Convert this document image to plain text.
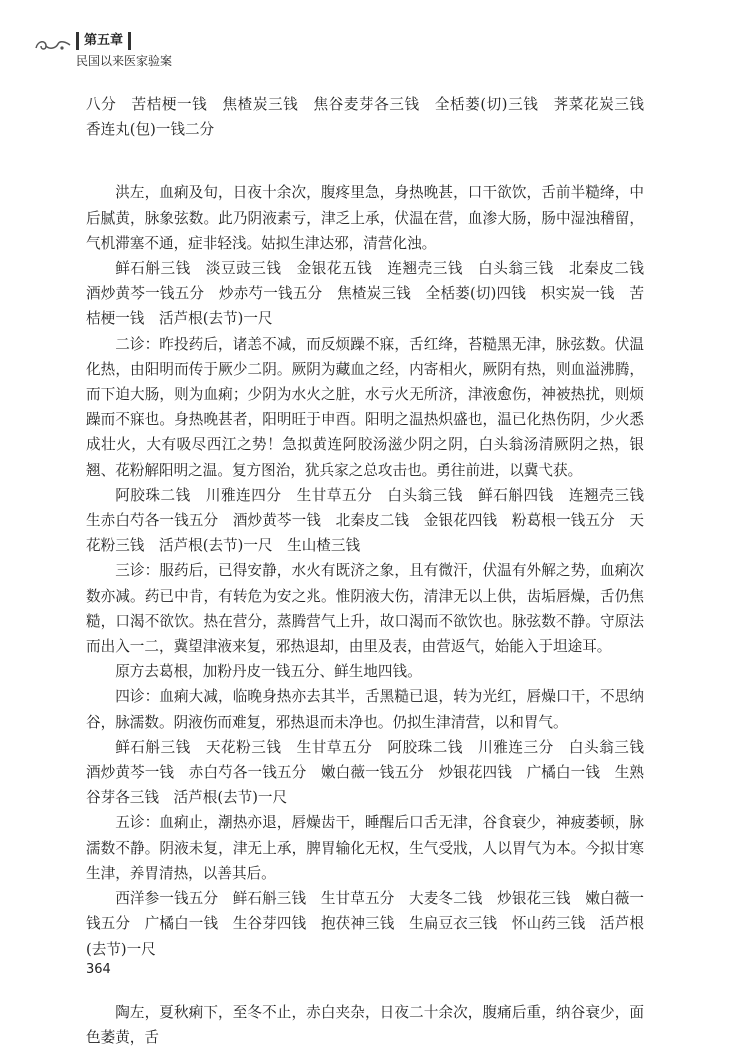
第五章
民国以来医家验案

八分　苦桔梗一钱　焦楂炭三钱　焦谷麦芽各三钱　全栝蒌(切)三钱　荠菜花炭三钱　香连丸(包)一钱二分

洪左，血痢及旬，日夜十余次，腹疼里急，身热晚甚，口干欲饮，舌前半糙绛，中后腻黄，脉象弦数。此乃阴液素亏，津乏上承，伏温在营，血渗大肠，肠中湿浊稽留，气机滞塞不通，症非轻浅。姑拟生津达邪，清营化浊。

鲜石斛三钱　淡豆豉三钱　金银花五钱　连翘壳三钱　白头翁三钱　北秦皮二钱　酒炒黄芩一钱五分　炒赤芍一钱五分　焦楂炭三钱　全栝蒌(切)四钱　枳实炭一钱　苦桔梗一钱　活芦根(去节)一尺

二诊：昨投药后，诸恙不减，而反烦躁不寐，舌红绛，苔糙黑无津，脉弦数。伏温化热，由阳明而传于厥少二阴。厥阴为藏血之经，内寄相火，厥阴有热，则血溢沸腾，而下迫大肠，则为血痢；少阴为水火之脏，水亏火无所济，津液愈伤，神被热扰，则烦躁而不寐也。身热晚甚者，阳明旺于申酉。阳明之温热炽盛也，温已化热伤阴，少火悉成壮火，大有吸尽西江之势！急拟黄连阿胶汤滋少阴之阴，白头翁汤清厥阴之热，银翘、花粉解阳明之温。复方图治，犹兵家之总攻击也。勇往前进，以冀弋获。

阿胶珠二钱　川雅连四分　生甘草五分　白头翁三钱　鲜石斛四钱　连翘壳三钱　生赤白芍各一钱五分　酒炒黄芩一钱　北秦皮二钱　金银花四钱　粉葛根一钱五分　天花粉三钱　活芦根(去节)一尺　生山楂三钱

三诊：服药后，已得安静，水火有既济之象，且有微汗，伏温有外解之势，血痢次数亦减。药已中肯，有转危为安之兆。惟阴液大伤，清津无以上供，齿垢唇燥，舌仍焦糙，口渴不欲饮。热在营分，蒸腾营气上升，故口渴而不欲饮也。脉弦数不静。守原法而出入一二，冀望津液来复，邪热退却，由里及表，由营返气，始能入于坦途耳。

原方去葛根，加粉丹皮一钱五分、鲜生地四钱。

四诊：血痢大减，临晚身热亦去其半，舌黑糙已退，转为光红，唇燥口干，不思纳谷，脉濡数。阴液伤而难复，邪热退而未净也。仍拟生津清营，以和胃气。

鲜石斛三钱　天花粉三钱　生甘草五分　阿胶珠二钱　川雅连三分　白头翁三钱　酒炒黄芩一钱　赤白芍各一钱五分　嫩白薇一钱五分　炒银花四钱　广橘白一钱　生熟谷芽各三钱　活芦根(去节)一尺

五诊：血痢止，潮热亦退，唇燥齿干，睡醒后口舌无津，谷食衰少，神疲萎顿，脉濡数不静。阴液未复，津无上承，脾胃输化无权，生气受戕，人以胃气为本。今拟甘寒生津，养胃清热，以善其后。

西洋参一钱五分　鲜石斛三钱　生甘草五分　大麦冬二钱　炒银花三钱　嫩白薇一钱五分　广橘白一钱　生谷芽四钱　抱茯神三钱　生扁豆衣三钱　怀山药三钱　活芦根(去节)一尺

陶左，夏秋痢下，至冬不止，赤白夹杂，日夜二十余次，腹痛后重，纳谷衰少，面色萎黄，舌

364
